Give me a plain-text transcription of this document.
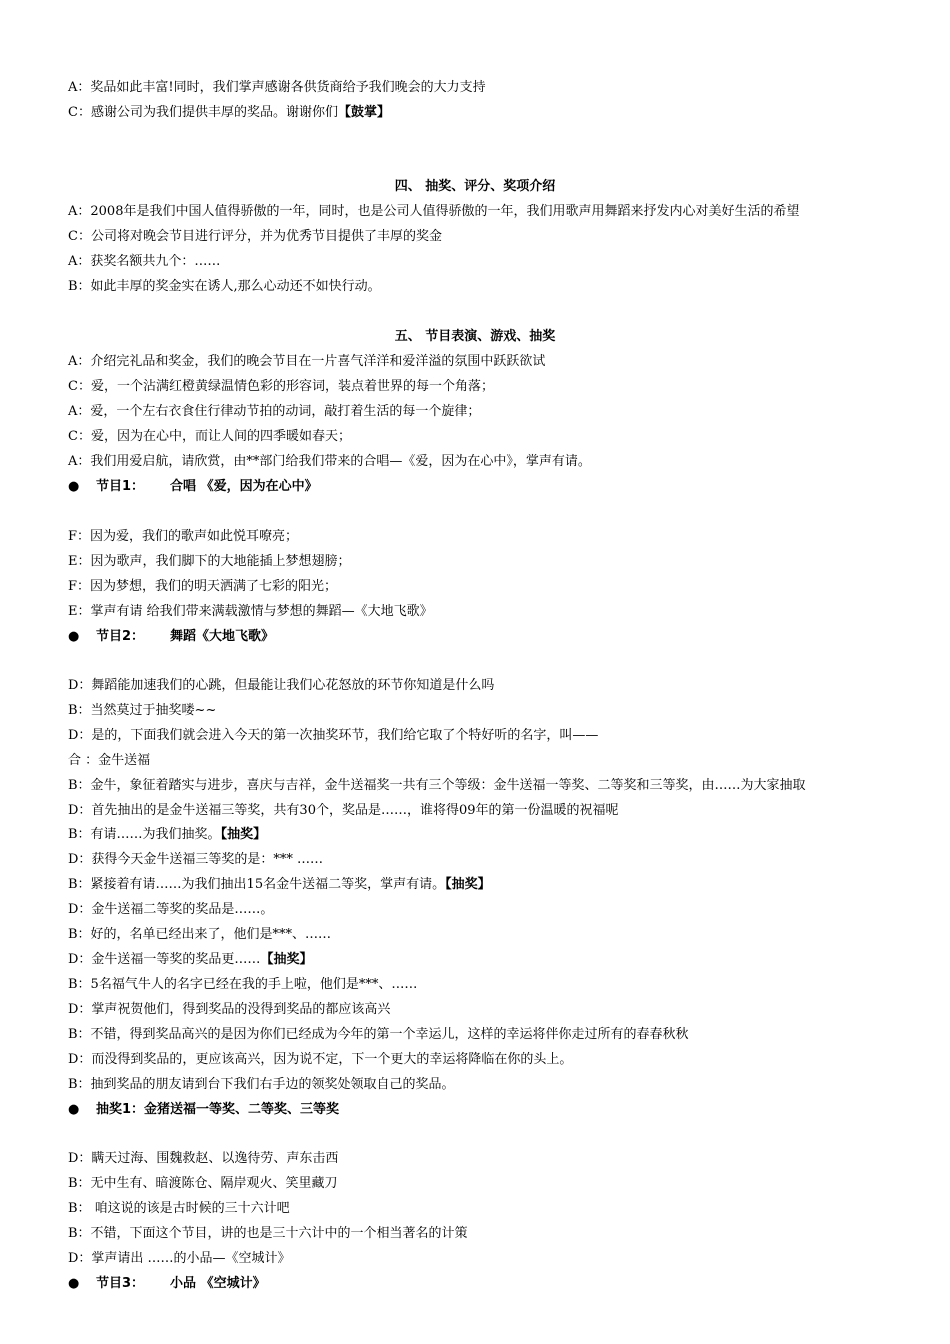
A：奖品如此丰富!同时，我们掌声感谢各供货商给予我们晚会的大力支持
C：感谢公司为我们提供丰厚的奖品。谢谢你们【鼓掌】
四、 抽奖、评分、奖项介绍
A：2008年是我们中国人值得骄傲的一年，同时，也是公司人值得骄傲的一年，我们用歌声用舞蹈来抒发内心对美好生活的希望
C：公司将对晚会节目进行评分，并为优秀节目提供了丰厚的奖金
A：获奖名额共九个：……
B：如此丰厚的奖金实在诱人,那么心动还不如快行动。
五、 节目表演、游戏、抽奖
A：介绍完礼品和奖金，我们的晚会节目在一片喜气洋洋和爱洋溢的氛围中跃跃欲试
C：爱，一个沾满红橙黄绿温情色彩的形容词，装点着世界的每一个角落；
A：爱，一个左右衣食住行律动节拍的动词，敲打着生活的每一个旋律；
C：爱，因为在心中，而让人间的四季暖如春天；
A：我们用爱启航，请欣赏，由**部门给我们带来的合唱—《爱，因为在心中》，掌声有请。
● 节目1： 合唱 《爱，因为在心中》
F：因为爱，我们的歌声如此悦耳嘹亮；
E：因为歌声，我们脚下的大地能插上梦想翅膀；
F：因为梦想，我们的明天洒满了七彩的阳光；
E：掌声有请 给我们带来满载激情与梦想的舞蹈—《大地飞歌》
● 节目2： 舞蹈《大地飞歌》
D：舞蹈能加速我们的心跳，但最能让我们心花怒放的环节你知道是什么吗
B：当然莫过于抽奖喽~~
D：是的，下面我们就会进入今天的第一次抽奖环节，我们给它取了个特好听的名字，叫——
合 ：金牛送福
B：金牛，象征着踏实与进步，喜庆与吉祥，金牛送福奖一共有三个等级：金牛送福一等奖、二等奖和三等奖，由……为大家抽取
D：首先抽出的是金牛送福三等奖，共有30个，奖品是……，谁将得09年的第一份温暖的祝福呢
B：有请……为我们抽奖。【抽奖】
D：获得今天金牛送福三等奖的是：*** ……
B：紧接着有请……为我们抽出15名金牛送福二等奖，掌声有请。【抽奖】
D：金牛送福二等奖的奖品是……。
B：好的，名单已经出来了，他们是***、……
D：金牛送福一等奖的奖品更……【抽奖】
B：5名福气牛人的名字已经在我的手上啦，他们是***、……
D：掌声祝贺他们，得到奖品的没得到奖品的都应该高兴
B：不错，得到奖品高兴的是因为你们已经成为今年的第一个幸运儿，这样的幸运将伴你走过所有的春春秋秋
D：而没得到奖品的，更应该高兴，因为说不定，下一个更大的幸运将降临在你的头上。
B：抽到奖品的朋友请到台下我们右手边的领奖处领取自己的奖品。
● 抽奖1：金猪送福一等奖、二等奖、三等奖
D：瞒天过海、围魏救赵、以逸待劳、声东击西
B：无中生有、暗渡陈仓、隔岸观火、笑里藏刀
B： 咱这说的该是古时候的三十六计吧
B：不错，下面这个节目，讲的也是三十六计中的一个相当著名的计策
D：掌声请出 ……的小品—《空城计》
● 节目3： 小品 《空城计》
